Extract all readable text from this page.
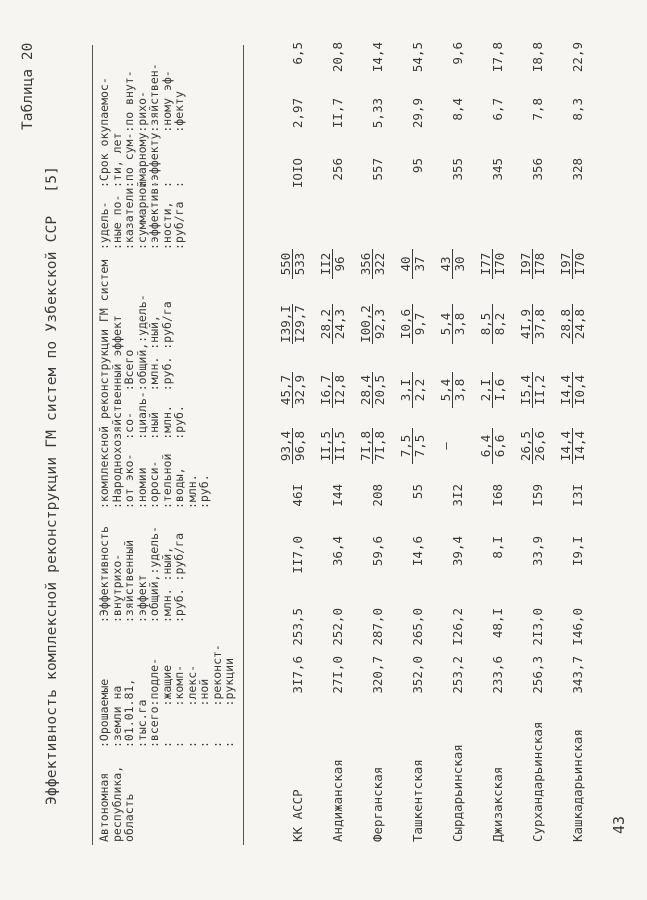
Эффективность комплексной реконструкции ГМ систем по Узбекской ССР [5]
Таблица 20
Автономная
республика,
область
:Орошаемые
:земли на
:01.01.81,
:тыс.га
:всего:подле-
:     :жащие
:     :комп-
:     :лекс-
:     :ной
:     :реконст-
:     :рукции
:Эффективность
:внутрихо-
:зяйственный
:эффект
:общий,:удель-
:млн. :ный,
:руб. :руб/га
:комплексной реконструкции ГМ систем
:Народнохозяйственный эффект
:от эко-  :со-   :Всего
:номии    :циаль-:общий,:удель-
:ороси-   :ный   :млн. :ный,
:тельной  :млн.  :руб. :руб/га
:воды,    :руб.
:млн.
:руб.
:удель-
:ные по-
:казатели
:суммарной
:эффектив-
:ности,
:руб/га
:Срок окупаемос-
:ти, лет
:по сум-:по внут-
:марному:рихо-
:эффекту:зяйствен-
:       :ному эф-
:       :фекту
КК АССР
3I7,6
253,5
II7,0
46I
IOIO
2,97
6,5
93,4 96,8
45,7 32,9
I39,I I29,7
550 533
Андижанская
27I,0
252,0
36,4
I44
256
II,7
20,8
II,5 II,5
I6,7 I2,8
28,2 24,3
II2 96
Ферганская
320,7
287,0
59,6
208
557
5,33
I4,4
7I,8 7I,8
28,4 20,5
I00,2 92,3
356 322
Ташкентская
352,0
265,0
I4,6
55
95
29,9
54,5
7,5 7,5
3,I 2,2
I0,6 9,7
40 37
Сырдарьинская
253,2
I26,2
39,4
3I2
355
8,4
9,6
–
5,4 3,8
5,4 3,8
43 30
Джизакская
233,6
48,I
8,I
I68
345
6,7
I7,8
6,4 6,6
2,I I,6
8,5 8,2
I77 I70
Сурхандарьинская
256,3
2I3,0
33,9
I59
356
7,8
I8,8
26,5 26,6
I5,4 II,2
4I,9 37,8
I97 I78
Кашкадарьинская
343,7
I46,0
I9,I
I3I
328
8,3
22,9
I4,4 I4,4
I4,4 I0,4
28,8 24,8
I97 I70
43
